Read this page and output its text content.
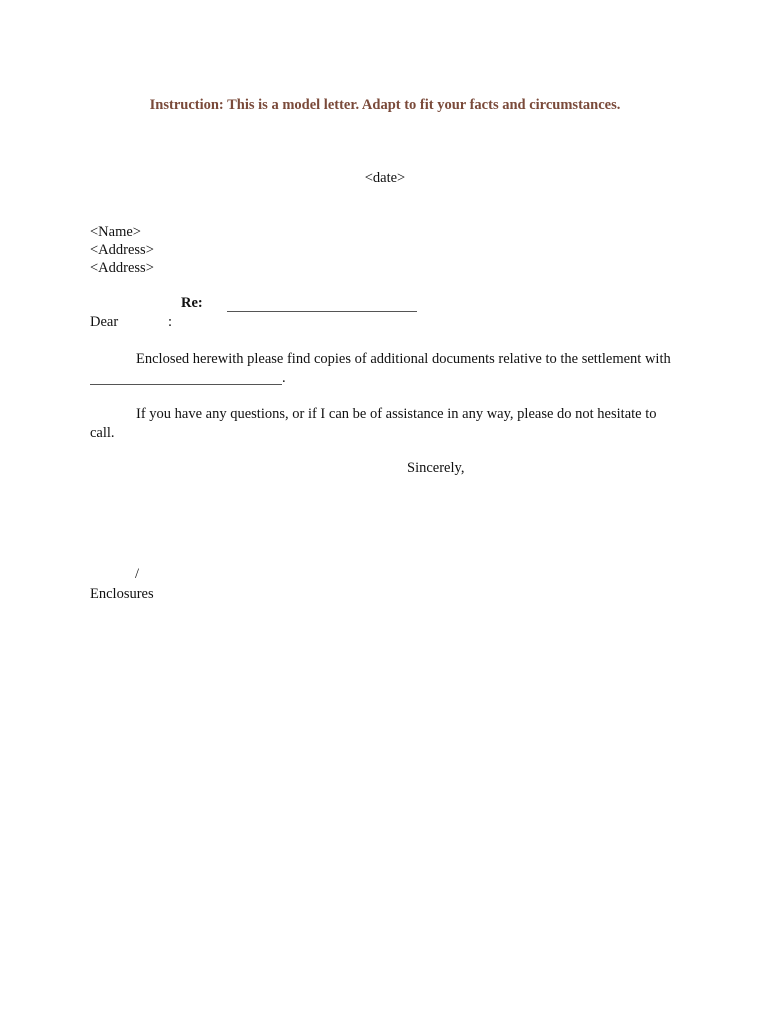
Instruction: This is a model letter. Adapt to fit your facts and circumstances.
<date>
<Name>
<Address>
<Address>
Re:
Dear	:
Enclosed herewith please find copies of additional documents relative to the settlement with
.
If you have any questions, or if I can be of assistance in any way, please do not hesitate to
call.
Sincerely,
/
Enclosures
